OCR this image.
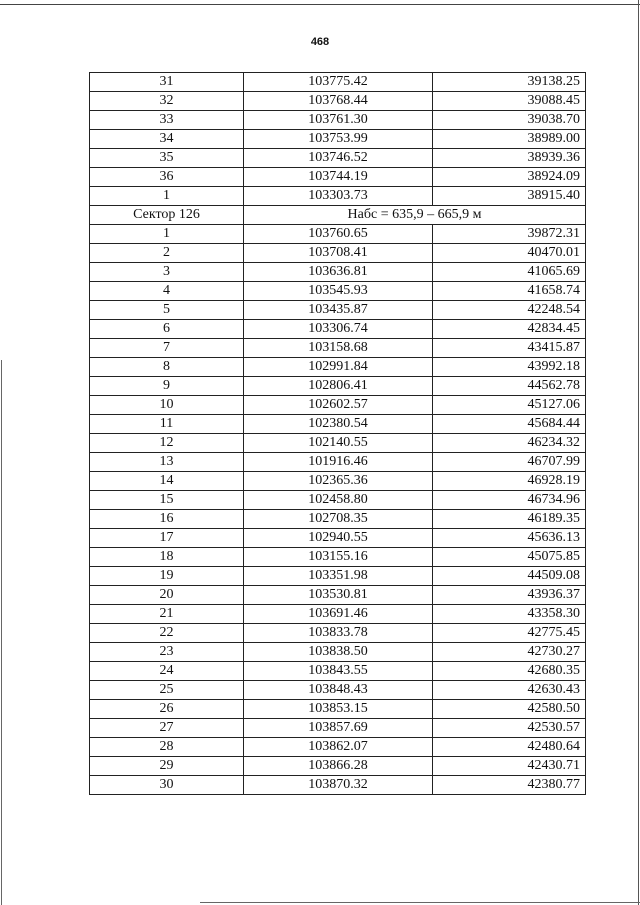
468
31	103775.42	39138.25
32	103768.44	39088.45
33	103761.30	39038.70
34	103753.99	38989.00
35	103746.52	38939.36
36	103744.19	38924.09
1	103303.73	38915.40
Сектор 126	Набс = 635,9 – 665,9 м	
1	103760.65	39872.31
2	103708.41	40470.01
3	103636.81	41065.69
4	103545.93	41658.74
5	103435.87	42248.54
6	103306.74	42834.45
7	103158.68	43415.87
8	102991.84	43992.18
9	102806.41	44562.78
10	102602.57	45127.06
11	102380.54	45684.44
12	102140.55	46234.32
13	101916.46	46707.99
14	102365.36	46928.19
15	102458.80	46734.96
16	102708.35	46189.35
17	102940.55	45636.13
18	103155.16	45075.85
19	103351.98	44509.08
20	103530.81	43936.37
21	103691.46	43358.30
22	103833.78	42775.45
23	103838.50	42730.27
24	103843.55	42680.35
25	103848.43	42630.43
26	103853.15	42580.50
27	103857.69	42530.57
28	103862.07	42480.64
29	103866.28	42430.71
30	103870.32	42380.77
